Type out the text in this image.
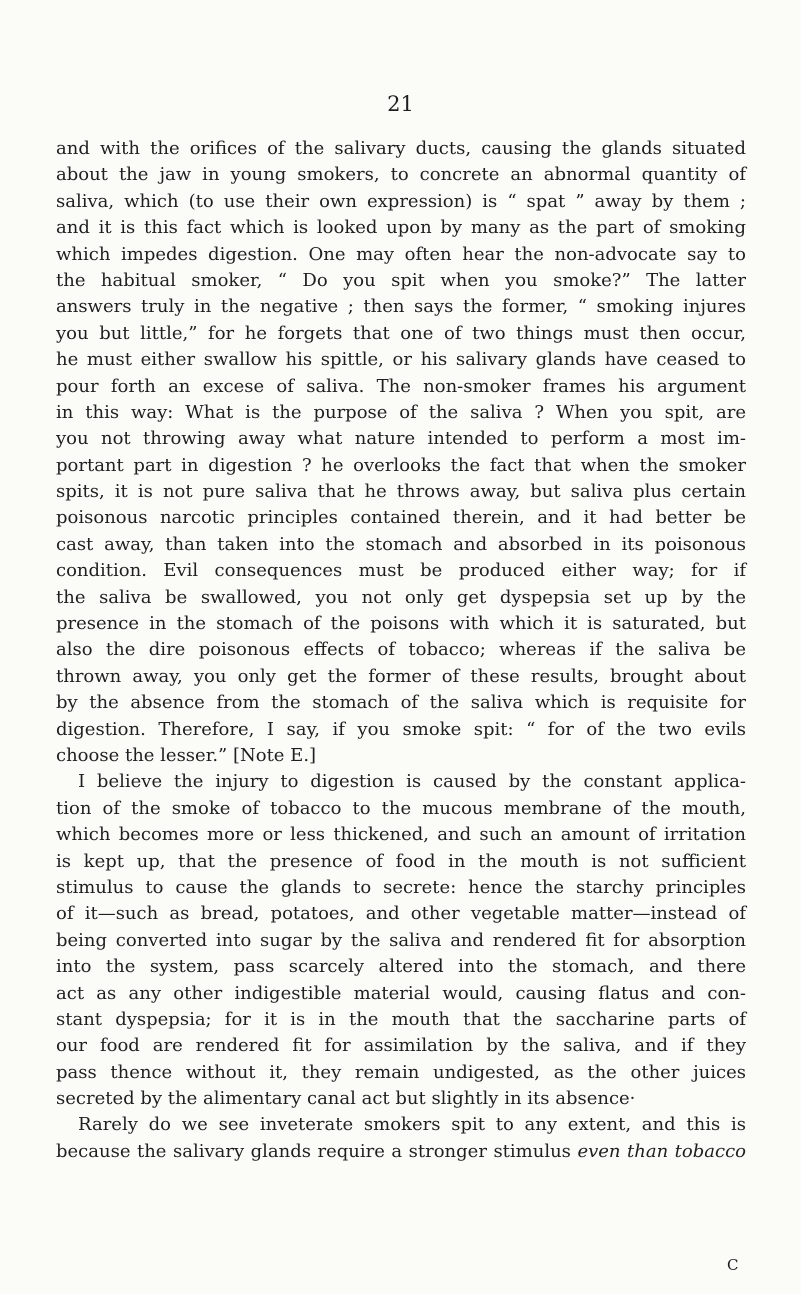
21
and with the orifices of the salivary ducts, causing the glands situated
about the jaw in young smokers, to concrete an abnormal quantity of
saliva, which (to use their own expression) is “ spat ” away by them ;
and it is this fact which is looked upon by many as the part of smoking
which impedes digestion. One may often hear the non-advocate say to
the habitual smoker, “ Do you spit when you smoke?” The latter
answers truly in the negative ; then says the former, “ smoking injures
you but little,” for he forgets that one of two things must then occur,
he must either swallow his spittle, or his salivary glands have ceased to
pour forth an excese of saliva. The non-smoker frames his argument
in this way: What is the purpose of the saliva ? When you spit, are
you not throwing away what nature intended to perform a most im-
portant part in digestion ? he overlooks the fact that when the smoker
spits, it is not pure saliva that he throws away, but saliva plus certain
poisonous narcotic principles contained therein, and it had better be
cast away, than taken into the stomach and absorbed in its poisonous
condition. Evil consequences must be produced either way; for if
the saliva be swallowed, you not only get dyspepsia set up by the
presence in the stomach of the poisons with which it is saturated, but
also the dire poisonous effects of tobacco; whereas if the saliva be
thrown away, you only get the former of these results, brought about
by the absence from the stomach of the saliva which is requisite for
digestion. Therefore, I say, if you smoke spit: “ for of the two evils
choose the lesser.” [Note E.]
I believe the injury to digestion is caused by the constant applica-
tion of the smoke of tobacco to the mucous membrane of the mouth,
which becomes more or less thickened, and such an amount of irritation
is kept up, that the presence of food in the mouth is not sufficient
stimulus to cause the glands to secrete: hence the starchy principles
of it—such as bread, potatoes, and other vegetable matter—instead of
being converted into sugar by the saliva and rendered fit for absorption
into the system, pass scarcely altered into the stomach, and there
act as any other indigestible material would, causing flatus and con-
stant dyspepsia; for it is in the mouth that the saccharine parts of
our food are rendered fit for assimilation by the saliva, and if they
pass thence without it, they remain undigested, as the other juices
secreted by the alimentary canal act but slightly in its absence·
Rarely do we see inveterate smokers spit to any extent, and this is
because the salivary glands require a stronger stimulus even than tobacco
C
